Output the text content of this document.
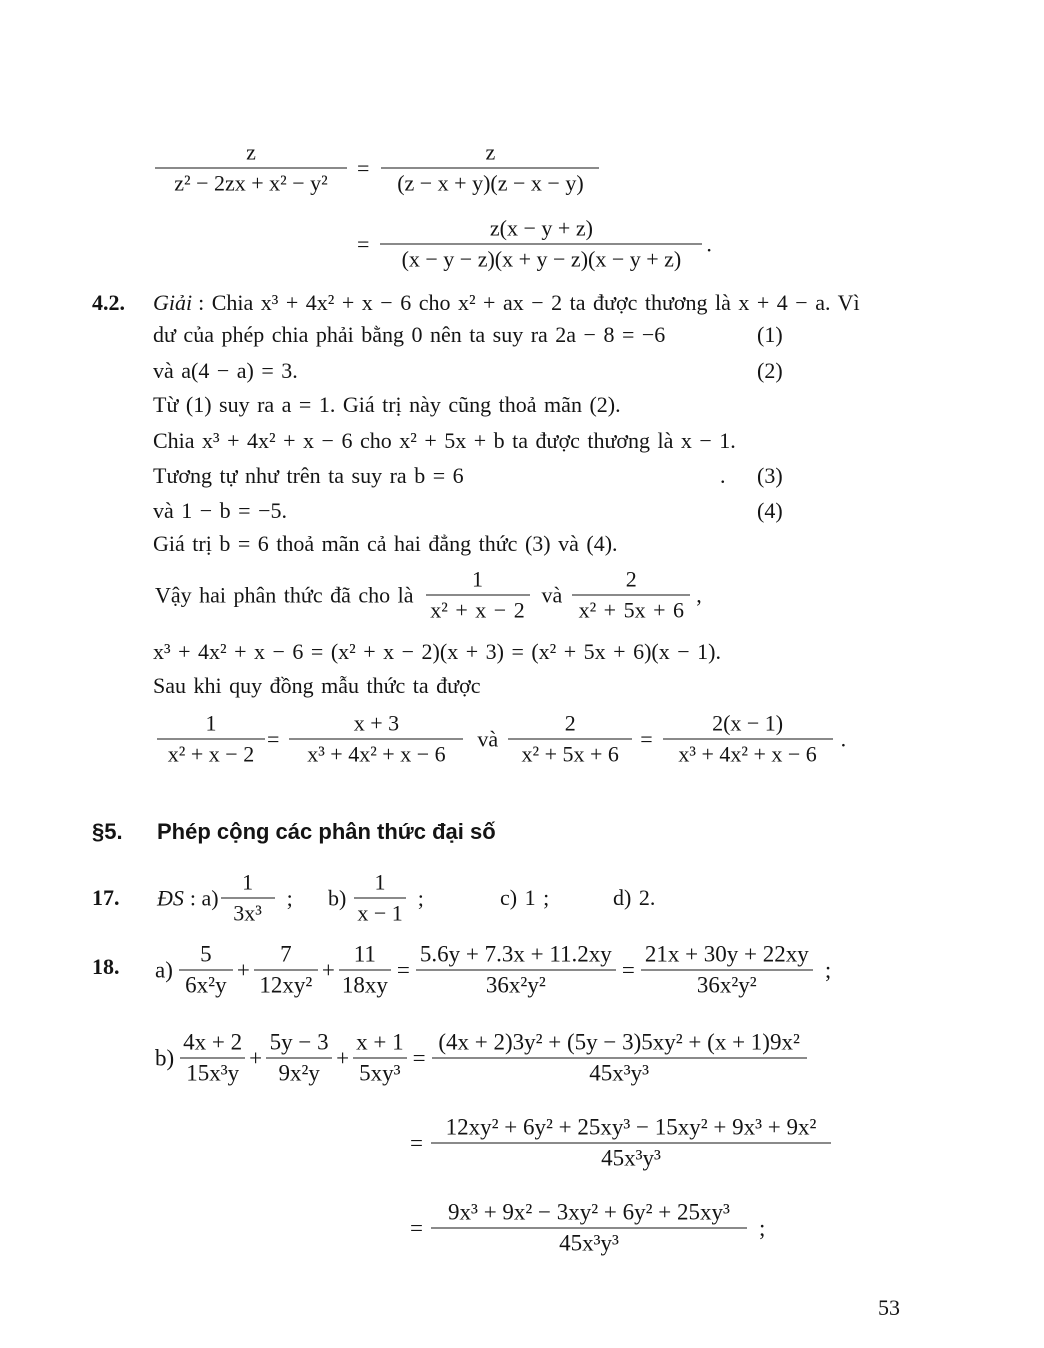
$\frac{z}{\text{z² − 2zx + x² − y²}} = \frac{z}{(z - x + y)(z - x - y)}$
= $\frac{z(x - y + z)}{(x - y - z)(x + y - z)(x - y + z)}$ .
4.2. Giải : Chia x³ + 4x² + x − 6 cho x² + ax − 2 ta được thương là x + 4 − a. Vì
dư của phép chia phải bằng 0 nên ta suy ra 2a − 8 = −6	(1)
và a(4 − a) = 3.	(2)
Từ (1) suy ra a = 1. Giá trị này cũng thoả mãn (2).
Chia x³ + 4x² + x − 6 cho x² + 5x + b ta được thương là x − 1.
Tương tự như trên ta suy ra b = 6	. (3)
và 1 − b = −5.	(4)
Giá trị b = 6 thoả mãn cả hai đẳng thức (3) và (4).
Vậy hai phân thức đã cho là $\frac{1}{\text{x² + x − 2}}$ và $\frac{2}{\text{x² + 5x + 6}}$ ,
x³ + 4x² + x − 6 = (x² + x − 2)(x + 3) = (x² + 5x + 6)(x − 1).
Sau khi quy đồng mẫu thức ta được
$\frac{1}{\text{x² + x − 2}} = \frac{x + 3}{\text{x³ + 4x² + x − 6}}$ và $\frac{2}{\text{x² + 5x + 6}} = \frac{2(x - 1)}{\text{x³ + 4x² + x − 6}}$ .
§5. Phép cộng các phân thức đại số
17. ĐS : $a) \frac{1}{\text{3x³}}$ ; $b) \frac{1}{x - 1}$ ;	c) 1 ;	d) 2.
18. $a) \frac{5}{\text{6x²y}} + \frac{7}{\text{12xy²}} + \frac{11}{18xy} = \frac{5.6y + 7.3x + 11.2xy}{\text{36x²y²}} = \frac{21x + 30y + 22xy}{\text{36x²y²}}$ ;
$b) \frac{4x + 2}{\text{15x³y}} + \frac{5y - 3}{\text{9x²y}} + \frac{x + 1}{\text{5xy³}} = \frac{\text{(4x + 2)3y² + (5y − 3)5xy² + (x + 1)9x²}}{\text{45x³y³}}$
= $\frac{\text{12xy² + 6y² + 25xy³ − 15xy² + 9x³ + 9x²}}{\text{45x³y³}}$
= $\frac{\text{9x³ + 9x² − 3xy² + 6y² + 25xy³}}{\text{45x³y³}}$ ;
53
